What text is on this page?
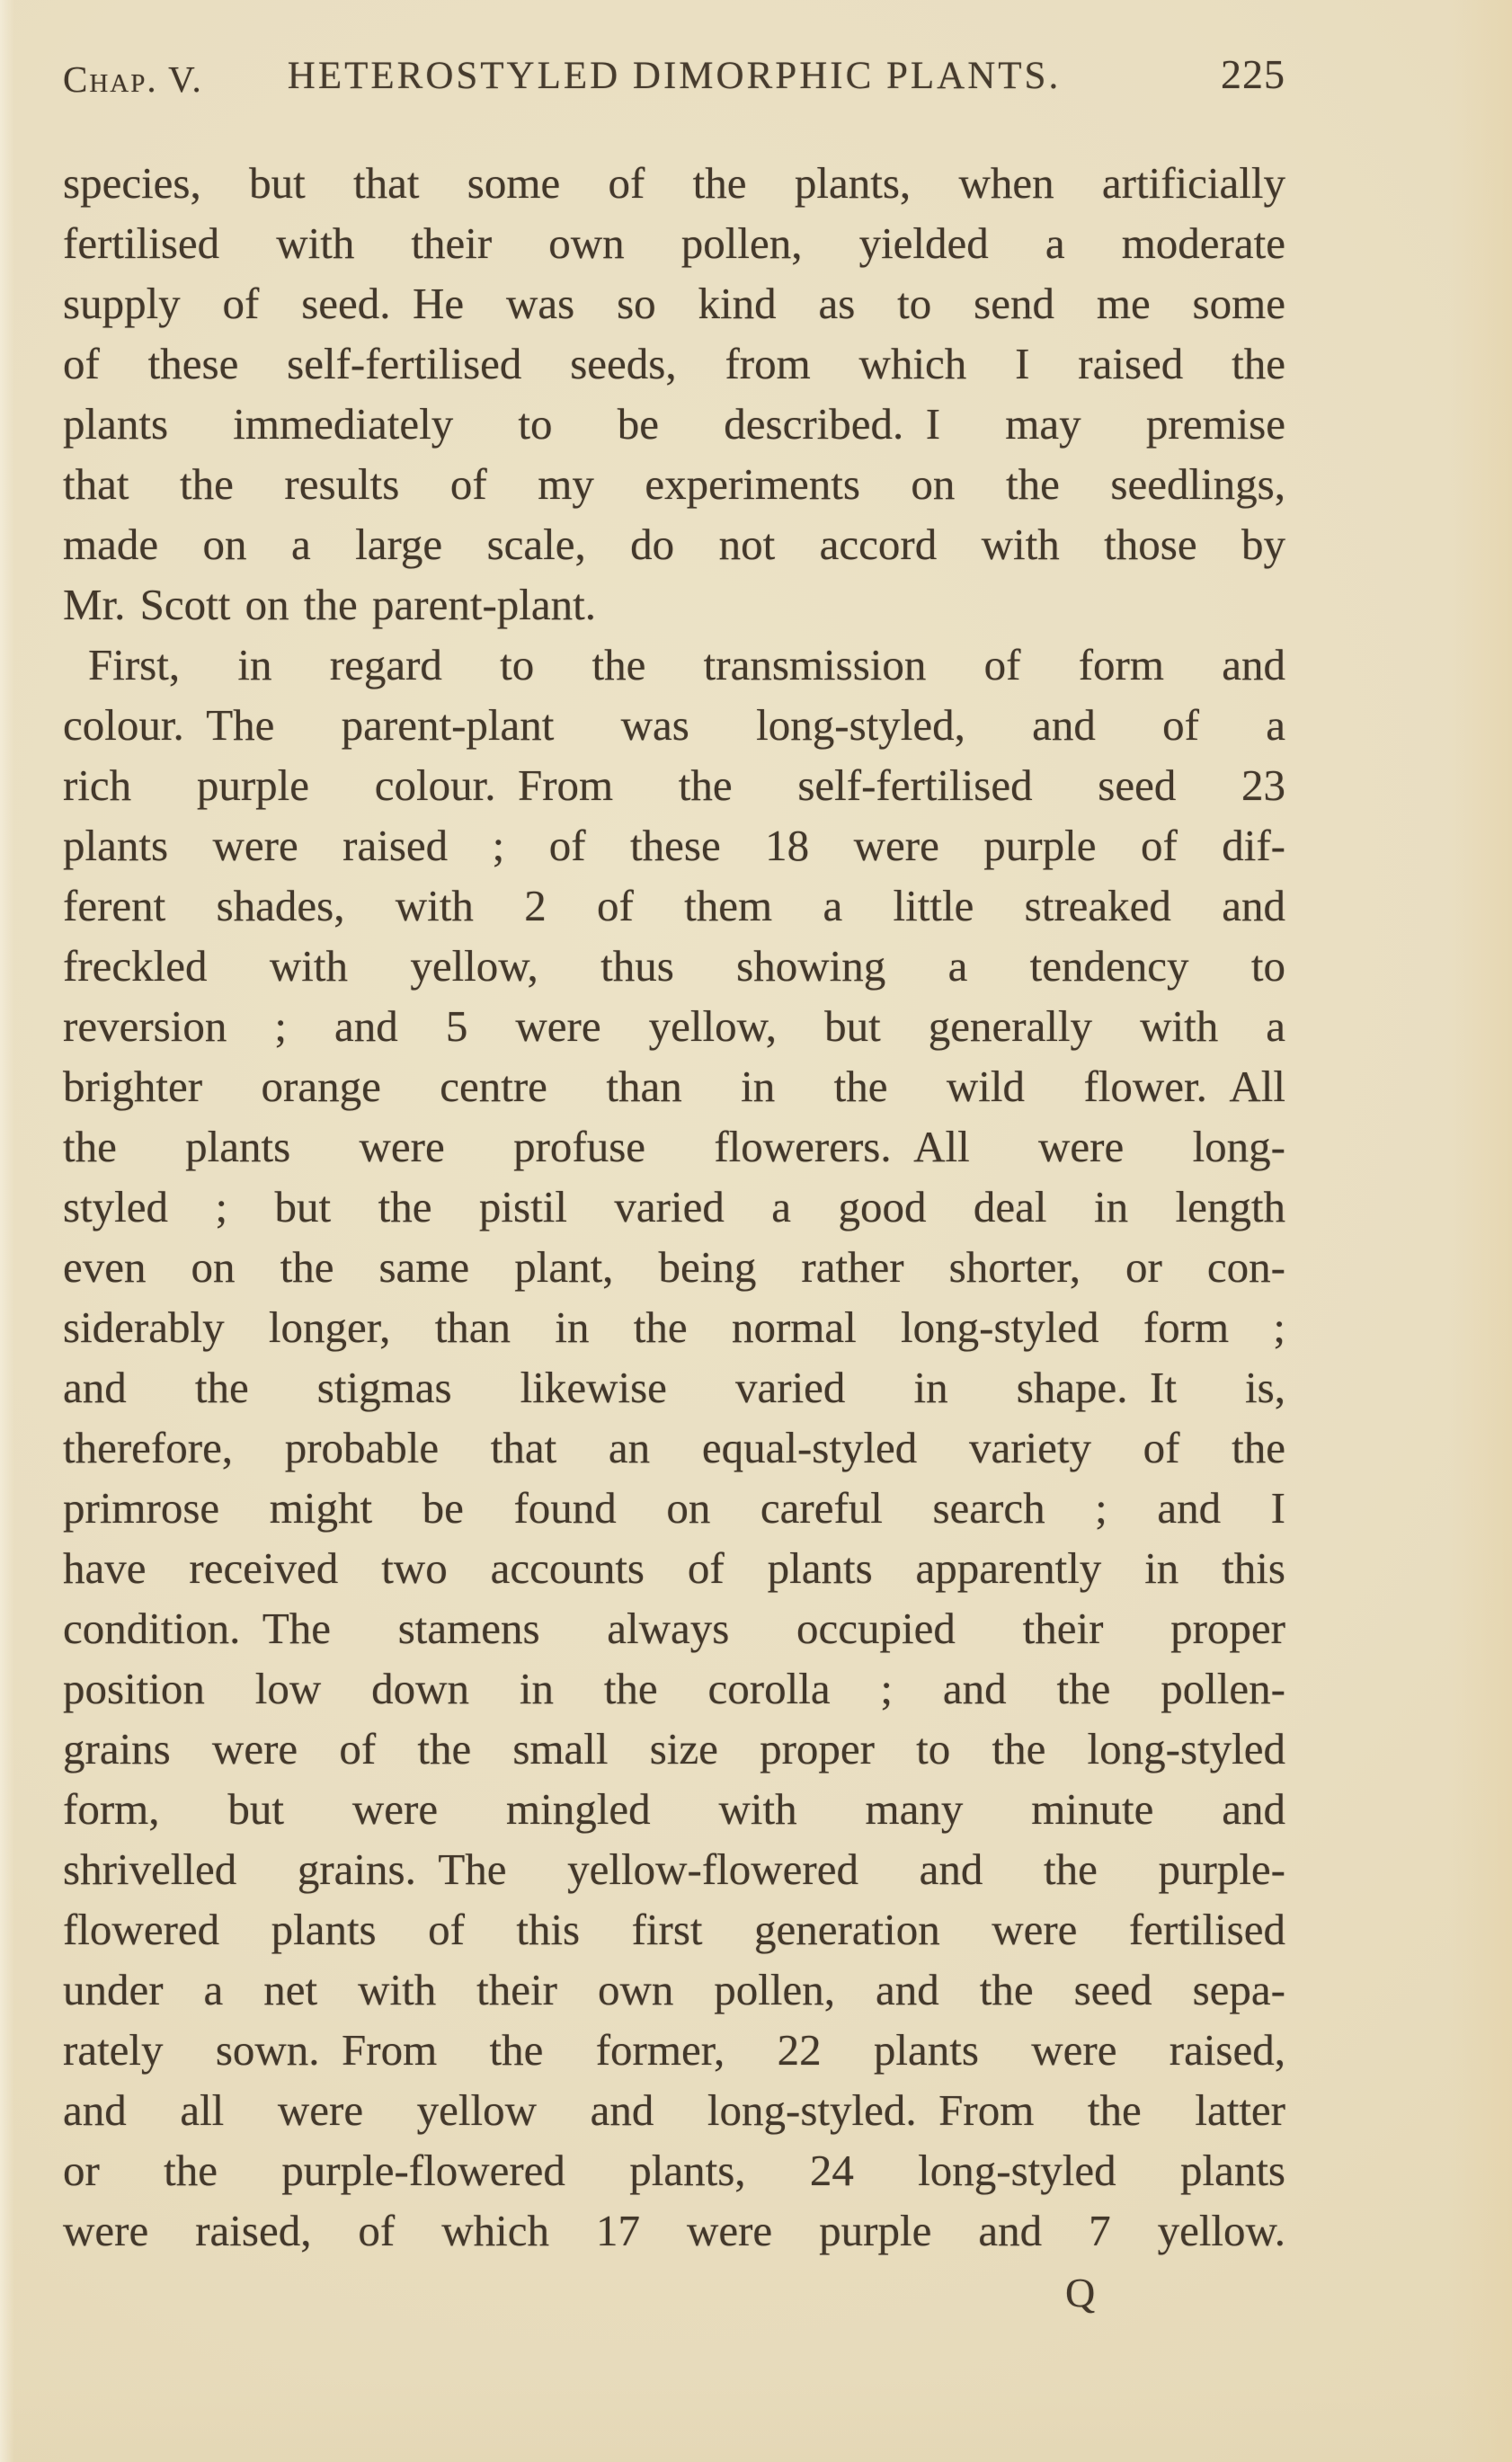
Chap. V.	HETEROSTYLED DIMORPHIC PLANTS.	225
species, but that some of the plants, when artificially
fertilised with their own pollen, yielded a moderate
supply of seed. He was so kind as to send me some
of these self-fertilised seeds, from which I raised the
plants immediately to be described. I may premise
that the results of my experiments on the seedlings,
made on a large scale, do not accord with those by
Mr. Scott on the parent-plant.
First, in regard to the transmission of form and
colour. The parent-plant was long-styled, and of a
rich purple colour. From the self-fertilised seed 23
plants were raised ; of these 18 were purple of dif-
ferent shades, with 2 of them a little streaked and
freckled with yellow, thus showing a tendency to
reversion ; and 5 were yellow, but generally with a
brighter orange centre than in the wild flower. All
the plants were profuse flowerers. All were long-
styled ; but the pistil varied a good deal in length
even on the same plant, being rather shorter, or con-
siderably longer, than in the normal long-styled form ;
and the stigmas likewise varied in shape. It is,
therefore, probable that an equal-styled variety of the
primrose might be found on careful search ; and I
have received two accounts of plants apparently in this
condition. The stamens always occupied their proper
position low down in the corolla ; and the pollen-
grains were of the small size proper to the long-styled
form, but were mingled with many minute and
shrivelled grains. The yellow-flowered and the purple-
flowered plants of this first generation were fertilised
under a net with their own pollen, and the seed sepa-
rately sown. From the former, 22 plants were raised,
and all were yellow and long-styled. From the latter
or the purple-flowered plants, 24 long-styled plants
were raised, of which 17 were purple and 7 yellow.
Q
